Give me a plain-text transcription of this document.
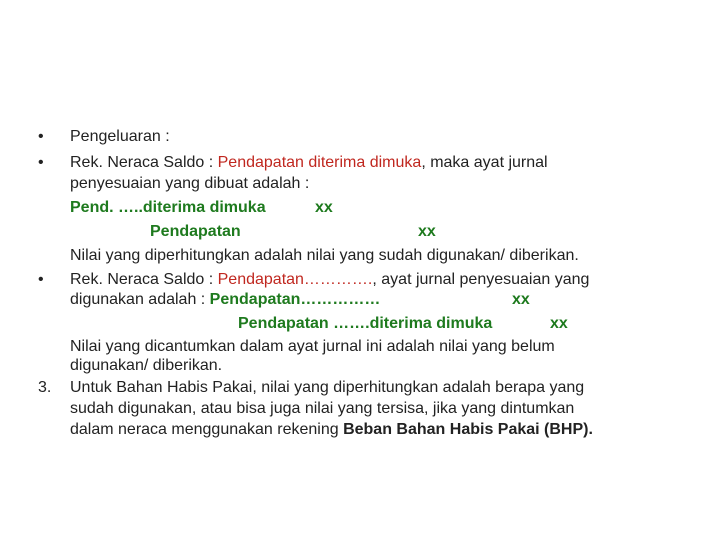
• Pengeluaran :
• Rek. Neraca Saldo : Pendapatan diterima dimuka, maka ayat jurnal
penyesuaian yang dibuat adalah :
Pend. …..diterima dimuka	xx
Pendapatan	xx
Nilai yang diperhitungkan adalah nilai yang sudah digunakan/ diberikan.
• Rek. Neraca Saldo : Pendapatan…………., ayat jurnal penyesuaian yang
digunakan adalah : Pendapatan……………	xx
Pendapatan …….diterima dimuka	xx
Nilai yang dicantumkan dalam ayat jurnal ini adalah nilai yang belum
digunakan/ diberikan.
3. Untuk Bahan Habis Pakai, nilai yang diperhitungkan adalah berapa yang
sudah digunakan, atau bisa juga nilai yang tersisa, jika yang dintumkan
dalam neraca menggunakan rekening Beban Bahan Habis Pakai (BHP).
